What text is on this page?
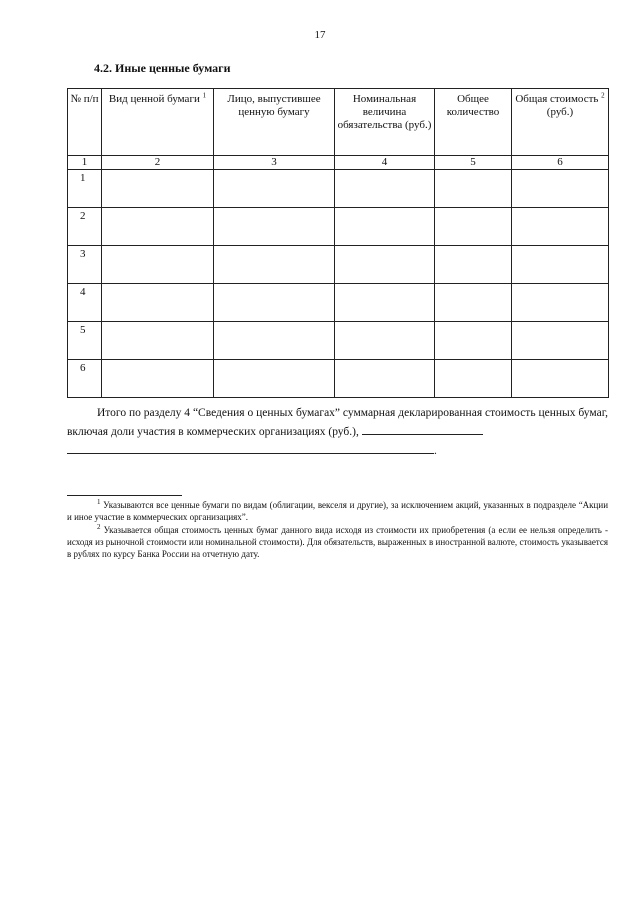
17
4.2. Иные ценные бумаги
№ п/п	Вид ценной бумаги $^1$	Лицо, выпустившее ценную бумагу	Номинальная величина обязательства (руб.)	Общее количество	Общая стоимость $^2$
(руб.)
1	2	3	4	5	6
1					
2					
3					
4					
5					
6					
Итого по разделу 4 “Сведения о ценных бумагах” суммарная декларированная стоимость ценных бумаг, включая доли участия в коммерческих организациях (руб.),
.

$^1$ Указываются все ценные бумаги по видам (облигации, векселя и другие), за исключением акций, указанных в подразделе “Акции и иное участие в коммерческих организациях”.

$^2$ Указывается общая стоимость ценных бумаг данного вида исходя из стоимости их приобретения (а если ее нельзя определить - исходя из рыночной стоимости или номинальной стоимости). Для обязательств, выраженных в иностранной валюте, стоимость указывается в рублях по курсу Банка России на отчетную дату.
